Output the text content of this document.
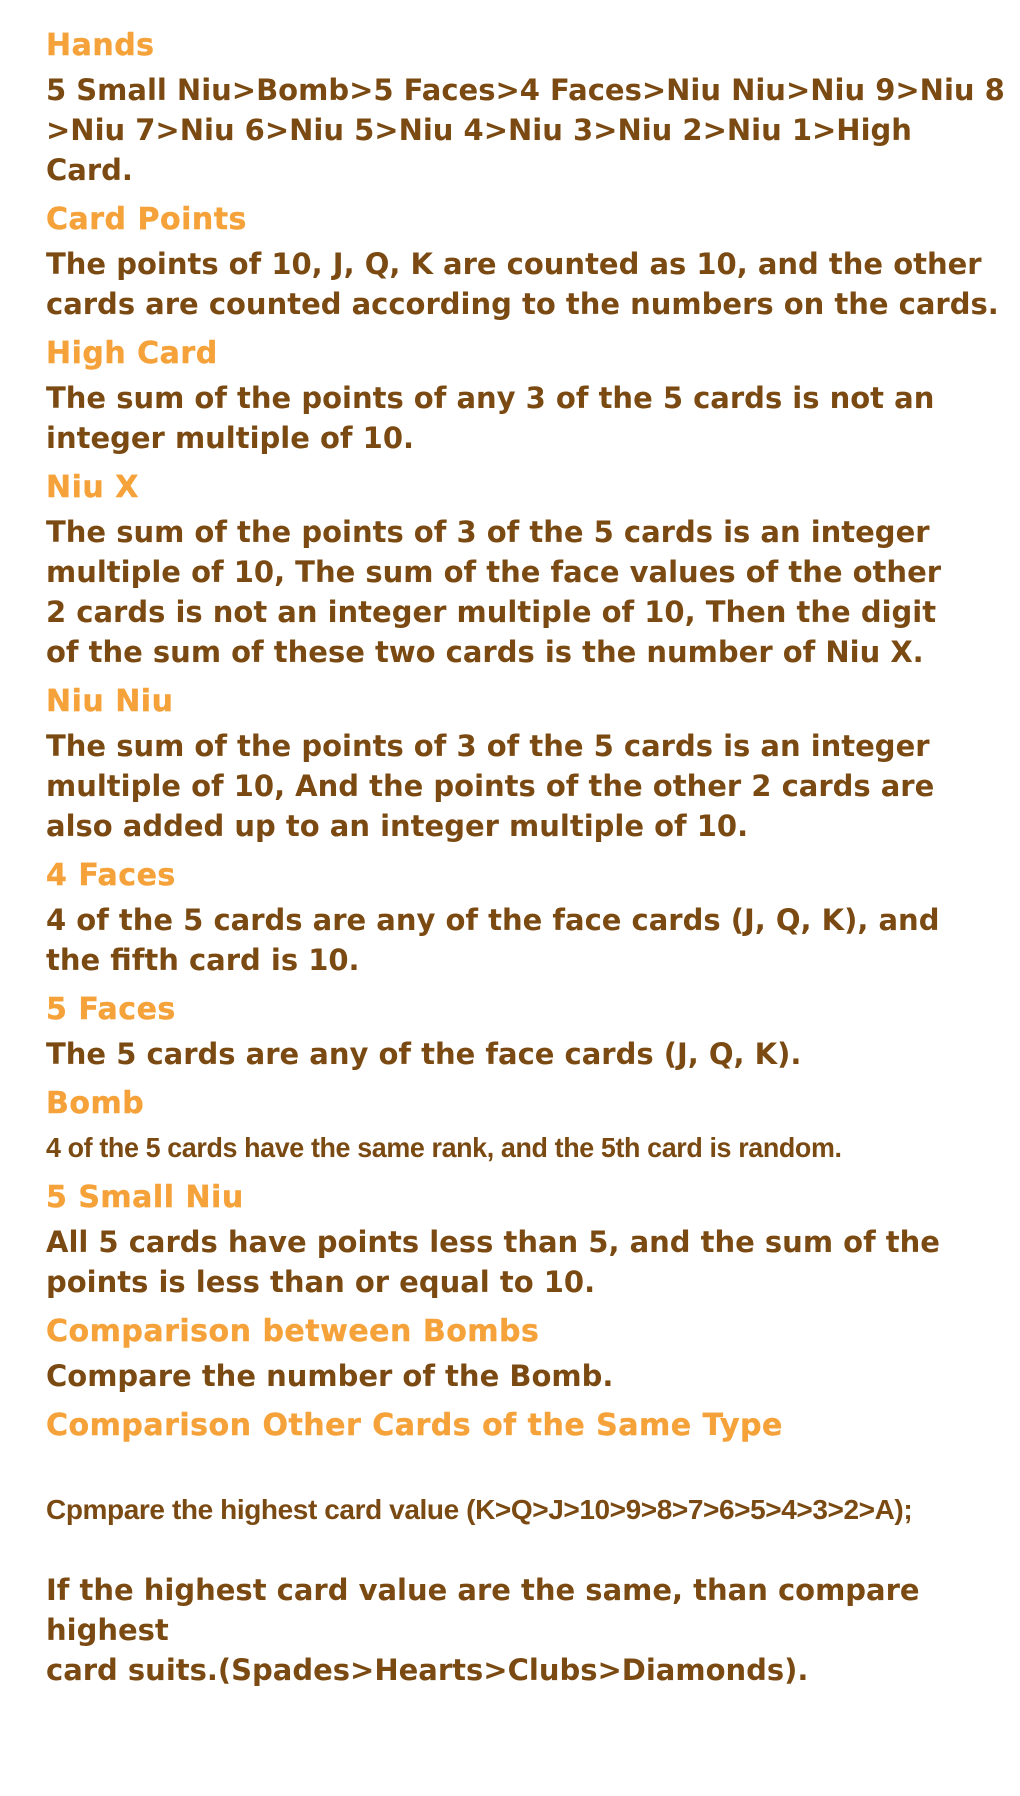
Hands
5 Small Niu>Bomb>5 Faces>4 Faces>Niu Niu>Niu 9>Niu 8
>Niu 7>Niu 6>Niu 5>Niu 4>Niu 3>Niu 2>Niu 1>High Card.
Card Points
The points of 10, J, Q, K are counted as 10, and the other
cards are counted according to the numbers on the cards.
High Card
The sum of the points of any 3 of the 5 cards is not an
integer multiple of 10.
Niu X
The sum of the points of 3 of the 5 cards is an integer
multiple of 10, The sum of the face values of the other
2 cards is not an integer multiple of 10, Then the digit
of the sum of these two cards is the number of Niu X.
Niu Niu
The sum of the points of 3 of the 5 cards is an integer
multiple of 10, And the points of the other 2 cards are
also added up to an integer multiple of 10.
4 Faces
4 of the 5 cards are any of the face cards (J, Q, K), and
the fifth card is 10.
5 Faces
The 5 cards are any of the face cards (J, Q, K).
Bomb
4 of the 5 cards have the same rank, and the 5th card is random.
5 Small Niu
All 5 cards have points less than 5, and the sum of the
points is less than or equal to 10.
Comparison between Bombs
Compare the number of the Bomb.
Comparison Other Cards of the Same Type

Cpmpare the highest card value (K>Q>J>10>9>8>7>6>5>4>3>2>A);

If the highest card value are the same, than compare highest
card suits.(Spades>Hearts>Clubs>Diamonds).
